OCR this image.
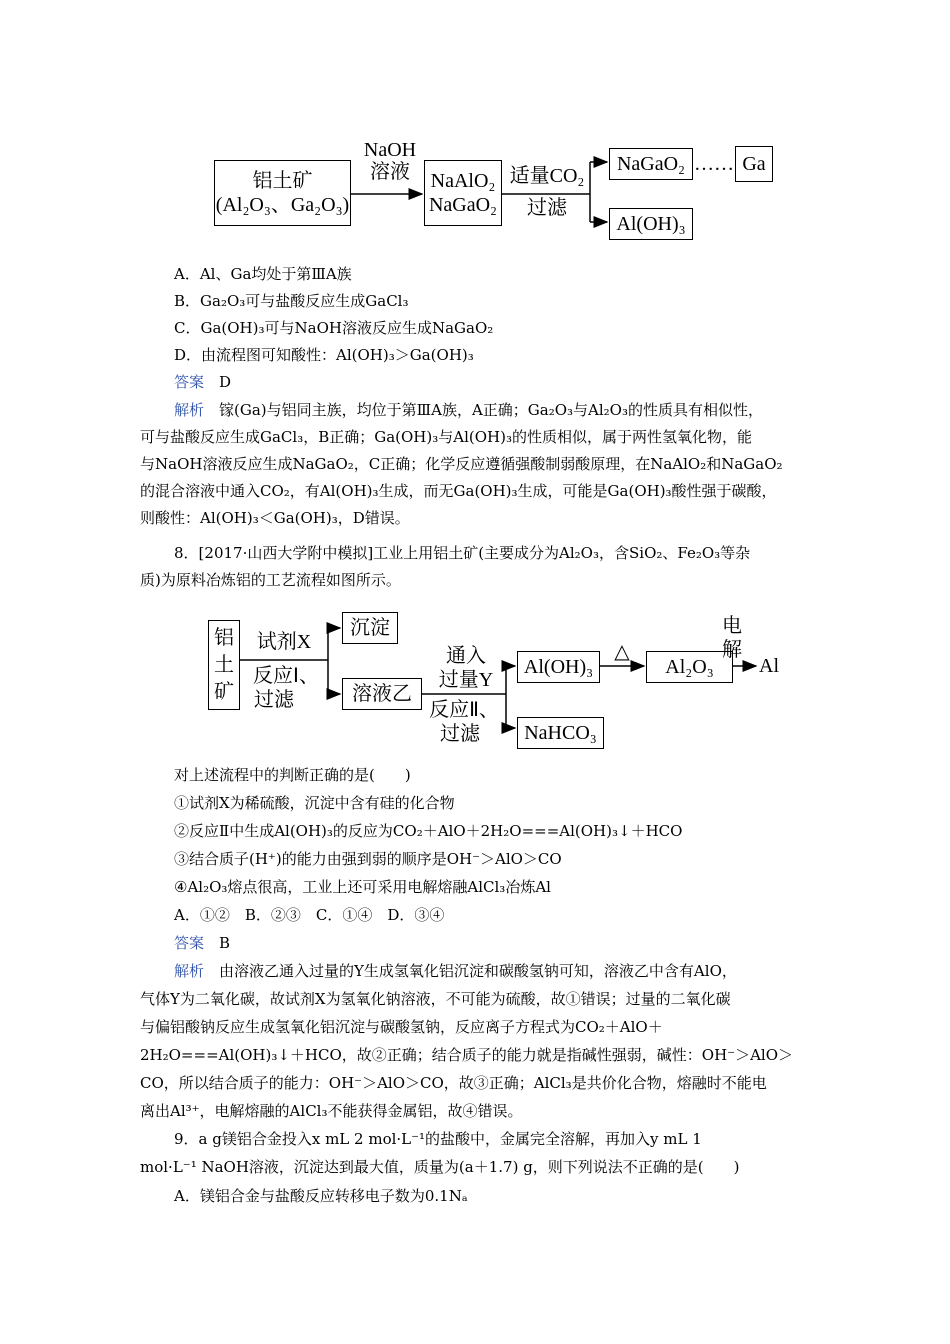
铝土矿
(Al₂O₃、Ga₂O₃)
NaOH
溶液	NaAlO₂
NaGaO₂
适量CO₂
过滤
NaGaO₂ …… Ga
Al(OH)₃
A．Al、Ga均处于第ⅢA族
B．Ga₂O₃可与盐酸反应生成GaCl₃
C．Ga(OH)₃可与NaOH溶液反应生成NaGaO₂
D．由流程图可知酸性：Al(OH)₃＞Ga(OH)₃
答案　 D
解析　 镓(Ga)与铝同主族，均位于第ⅢA族，A正确；Ga₂O₃与Al₂O₃的性质具有相似性，
可与盐酸反应生成GaCl₃，B正确；Ga(OH)₃与Al(OH)₃的性质相似，属于两性氢氧化物，能
与NaOH溶液反应生成NaGaO₂，C正确；化学反应遵循强酸制弱酸原理，在NaAlO₂和NaGaO₂
的混合溶液中通入CO₂，有Al(OH)₃生成，而无Ga(OH)₃生成，可能是Ga(OH)₃酸性强于碳酸，
则酸性：Al(OH)₃＜Ga(OH)₃，D错误。
8．[2017·山西大学附中模拟]工业上用铝土矿(主要成分为Al₂O₃，含SiO₂、Fe₂O₃等杂
质)为原料冶炼铝的工艺流程如图所示。
铝土矿
试剂X
反应Ⅰ、
过滤
沉淀
溶液乙
通入
过量Y
反应Ⅱ、
过滤
Al(OH)₃
△
Al₂O₃
电
解
Al
NaHCO₃
对上述流程中的判断正确的是(　　)
①试剂X为稀硫酸，沉淀中含有硅的化合物
②反应Ⅱ中生成Al(OH)₃的反应为CO₂＋AlO＋2H₂O===Al(OH)₃↓＋HCO
③结合质子(H⁺)的能力由强到弱的顺序是OH⁻＞AlO＞CO
④Al₂O₃熔点很高，工业上还可采用电解熔融AlCl₃冶炼Al
A．①②　B．②③　C．①④　D．③④
答案　 B
解析　 由溶液乙通入过量的Y生成氢氧化铝沉淀和碳酸氢钠可知，溶液乙中含有AlO，
气体Y为二氧化碳，故试剂X为氢氧化钠溶液，不可能为硫酸，故①错误；过量的二氧化碳
与偏铝酸钠反应生成氢氧化铝沉淀与碳酸氢钠，反应离子方程式为CO₂＋AlO＋
2H₂O===Al(OH)₃↓＋HCO，故②正确；结合质子的能力就是指碱性强弱，碱性：OH⁻＞AlO＞
CO，所以结合质子的能力：OH⁻＞AlO＞CO，故③正确；AlCl₃是共价化合物，熔融时不能电
离出Al³⁺，电解熔融的AlCl₃不能获得金属铝，故④错误。
9．a g镁铝合金投入x mL 2 mol·L⁻¹的盐酸中，金属完全溶解，再加入y mL 1
mol·L⁻¹ NaOH溶液，沉淀达到最大值，质量为(a＋1.7) g，则下列说法不正确的是(　　)
A．镁铝合金与盐酸反应转移电子数为0.1Nₐ
